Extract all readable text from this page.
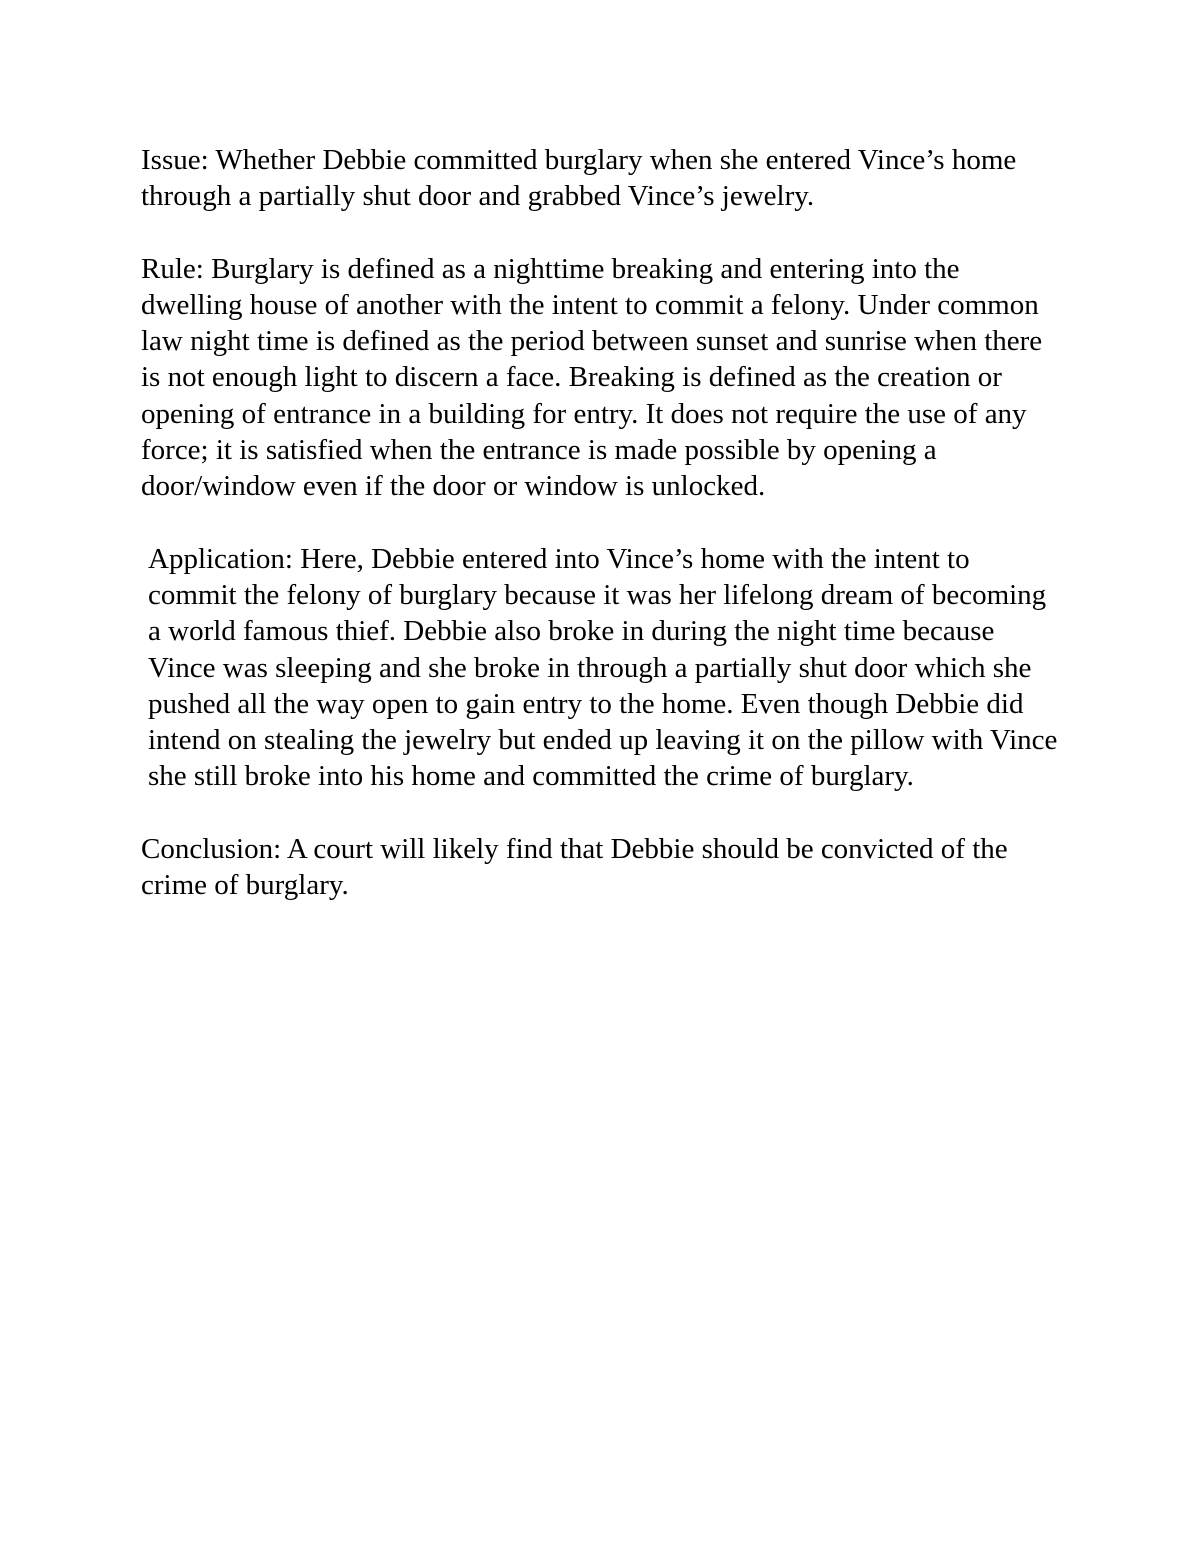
Issue: Whether Debbie committed burglary when she entered Vince’s home through a partially shut door and grabbed Vince’s jewelry.

Rule: Burglary is defined as a nighttime breaking and entering into the dwelling house of another with the intent to commit a felony. Under common law night time is defined as the period between sunset and sunrise when there is not enough light to discern a face. Breaking is defined as the creation or opening of entrance in a building for entry. It does not require the use of any force; it is satisfied when the entrance is made possible by opening a door/window even if the door or window is unlocked.

Application: Here, Debbie entered into Vince’s home with the intent to commit the felony of burglary because it was her lifelong dream of becoming a world famous thief. Debbie also broke in during the night time because Vince was sleeping and she broke in through a partially shut door which she pushed all the way open to gain entry to the home. Even though Debbie did intend on stealing the jewelry but ended up leaving it on the pillow with Vince she still broke into his home and committed the crime of burglary.

Conclusion: A court will likely find that Debbie should be convicted of the crime of burglary.
